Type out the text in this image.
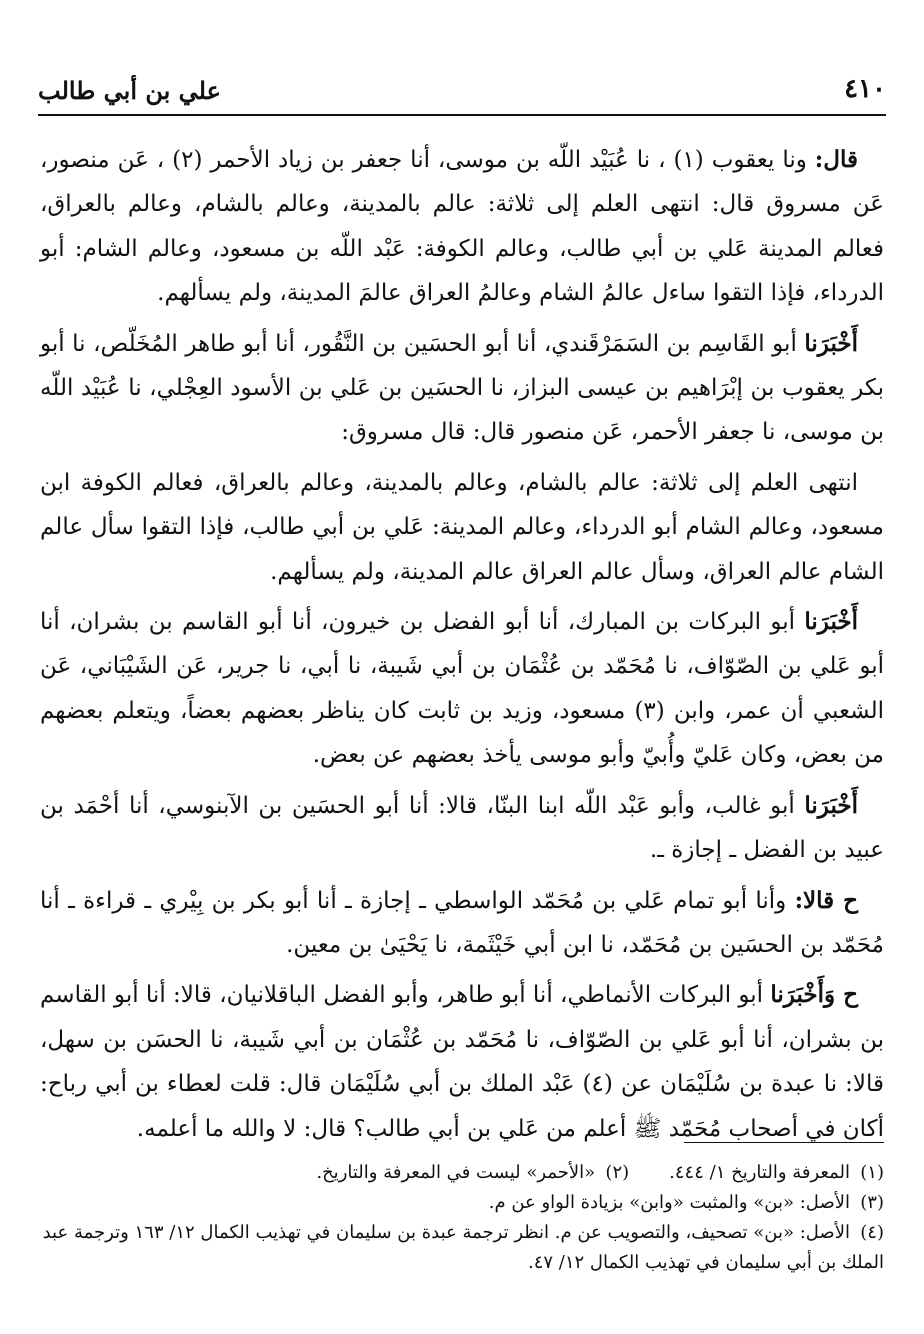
٤١٠
علي بن أبي طالب

قال: ونا يعقوب (١) ، نا عُبَيْد اللّه بن موسى، أنا جعفر بن زياد الأحمر (٢) ، عَن منصور، عَن مسروق قال: انتهى العلم إلى ثلاثة: عالم بالمدينة، وعالم بالشام، وعالم بالعراق، فعالم المدينة عَلي بن أبي طالب، وعالم الكوفة: عَبْد اللّه بن مسعود، وعالم الشام: أبو الدرداء، فإذا التقوا ساءل عالمُ الشام وعالمُ العراق عالمَ المدينة، ولم يسألهم.

أَخْبَرَنا أبو القَاسِم بن السَمَرْقَندي، أنا أبو الحسَين بن النَّقُور، أنا أبو طاهر المُخَلّص، نا أبو بكر يعقوب بن إبْرَاهيم بن عيسى البزاز، نا الحسَين بن عَلي بن الأسود العِجْلي، نا عُبَيْد اللّه بن موسى، نا جعفر الأحمر، عَن منصور قال: قال مسروق:

انتهى العلم إلى ثلاثة: عالم بالشام، وعالم بالمدينة، وعالم بالعراق، فعالم الكوفة ابن مسعود، وعالم الشام أبو الدرداء، وعالم المدينة: عَلي بن أبي طالب، فإذا التقوا سأل عالم الشام عالم العراق، وسأل عالم العراق عالم المدينة، ولم يسألهم.

أَخْبَرَنا أبو البركات بن المبارك، أنا أبو الفضل بن خيرون، أنا أبو القاسم بن بشران، أنا أبو عَلي بن الصّوّاف، نا مُحَمّد بن عُثْمَان بن أبي شَيبة، نا أبي، نا جرير، عَن الشَيْبَاني، عَن الشعبي أن عمر، وابن (٣) مسعود، وزيد بن ثابت كان يناظر بعضهم بعضاً، ويتعلم بعضهم من بعض، وكان عَليّ وأُبيّ وأبو موسى يأخذ بعضهم عن بعض.

أَخْبَرَنا أبو غالب، وأبو عَبْد اللّه ابنا البنّا، قالا: أنا أبو الحسَين بن الآبنوسي، أنا أحْمَد بن عبيد بن الفضل ـ إجازة ـ.

ح قالا: وأنا أبو تمام عَلي بن مُحَمّد الواسطي ـ إجازة ـ أنا أبو بكر بن بِيْري ـ قراءة ـ أنا مُحَمّد بن الحسَين بن مُحَمّد، نا ابن أبي خَيْثَمة، نا يَحْيَىٰ بن معين.

ح وَأَخْبَرَنا أبو البركات الأنماطي، أنا أبو طاهر، وأبو الفضل الباقلانيان، قالا: أنا أبو القاسم بن بشران، أنا أبو عَلي بن الصّوّاف، نا مُحَمّد بن عُثْمَان بن أبي شَيبة، نا الحسَن بن سهل، قالا: نا عبدة بن سُلَيْمَان عن (٤) عَبْد الملك بن أبي سُلَيْمَان قال: قلت لعطاء بن أبي رباح: أكان في أصحاب مُحَمّد ﷺ أعلم من عَلي بن أبي طالب؟ قال: لا والله ما أعلمه.

(١)المعرفة والتاريخ ١/ ٤٤٤.

(٢)«الأحمر» ليست في المعرفة والتاريخ.

(٣)الأصل: «بن» والمثبت «وابن» بزيادة الواو عن م.

(٤)الأصل: «بن» تصحيف، والتصويب عن م. انظر ترجمة عبدة بن سليمان في تهذيب الكمال ١٢/ ١٦٣ وترجمة عبد الملك بن أبي سليمان في تهذيب الكمال ١٢/ ٤٧.
